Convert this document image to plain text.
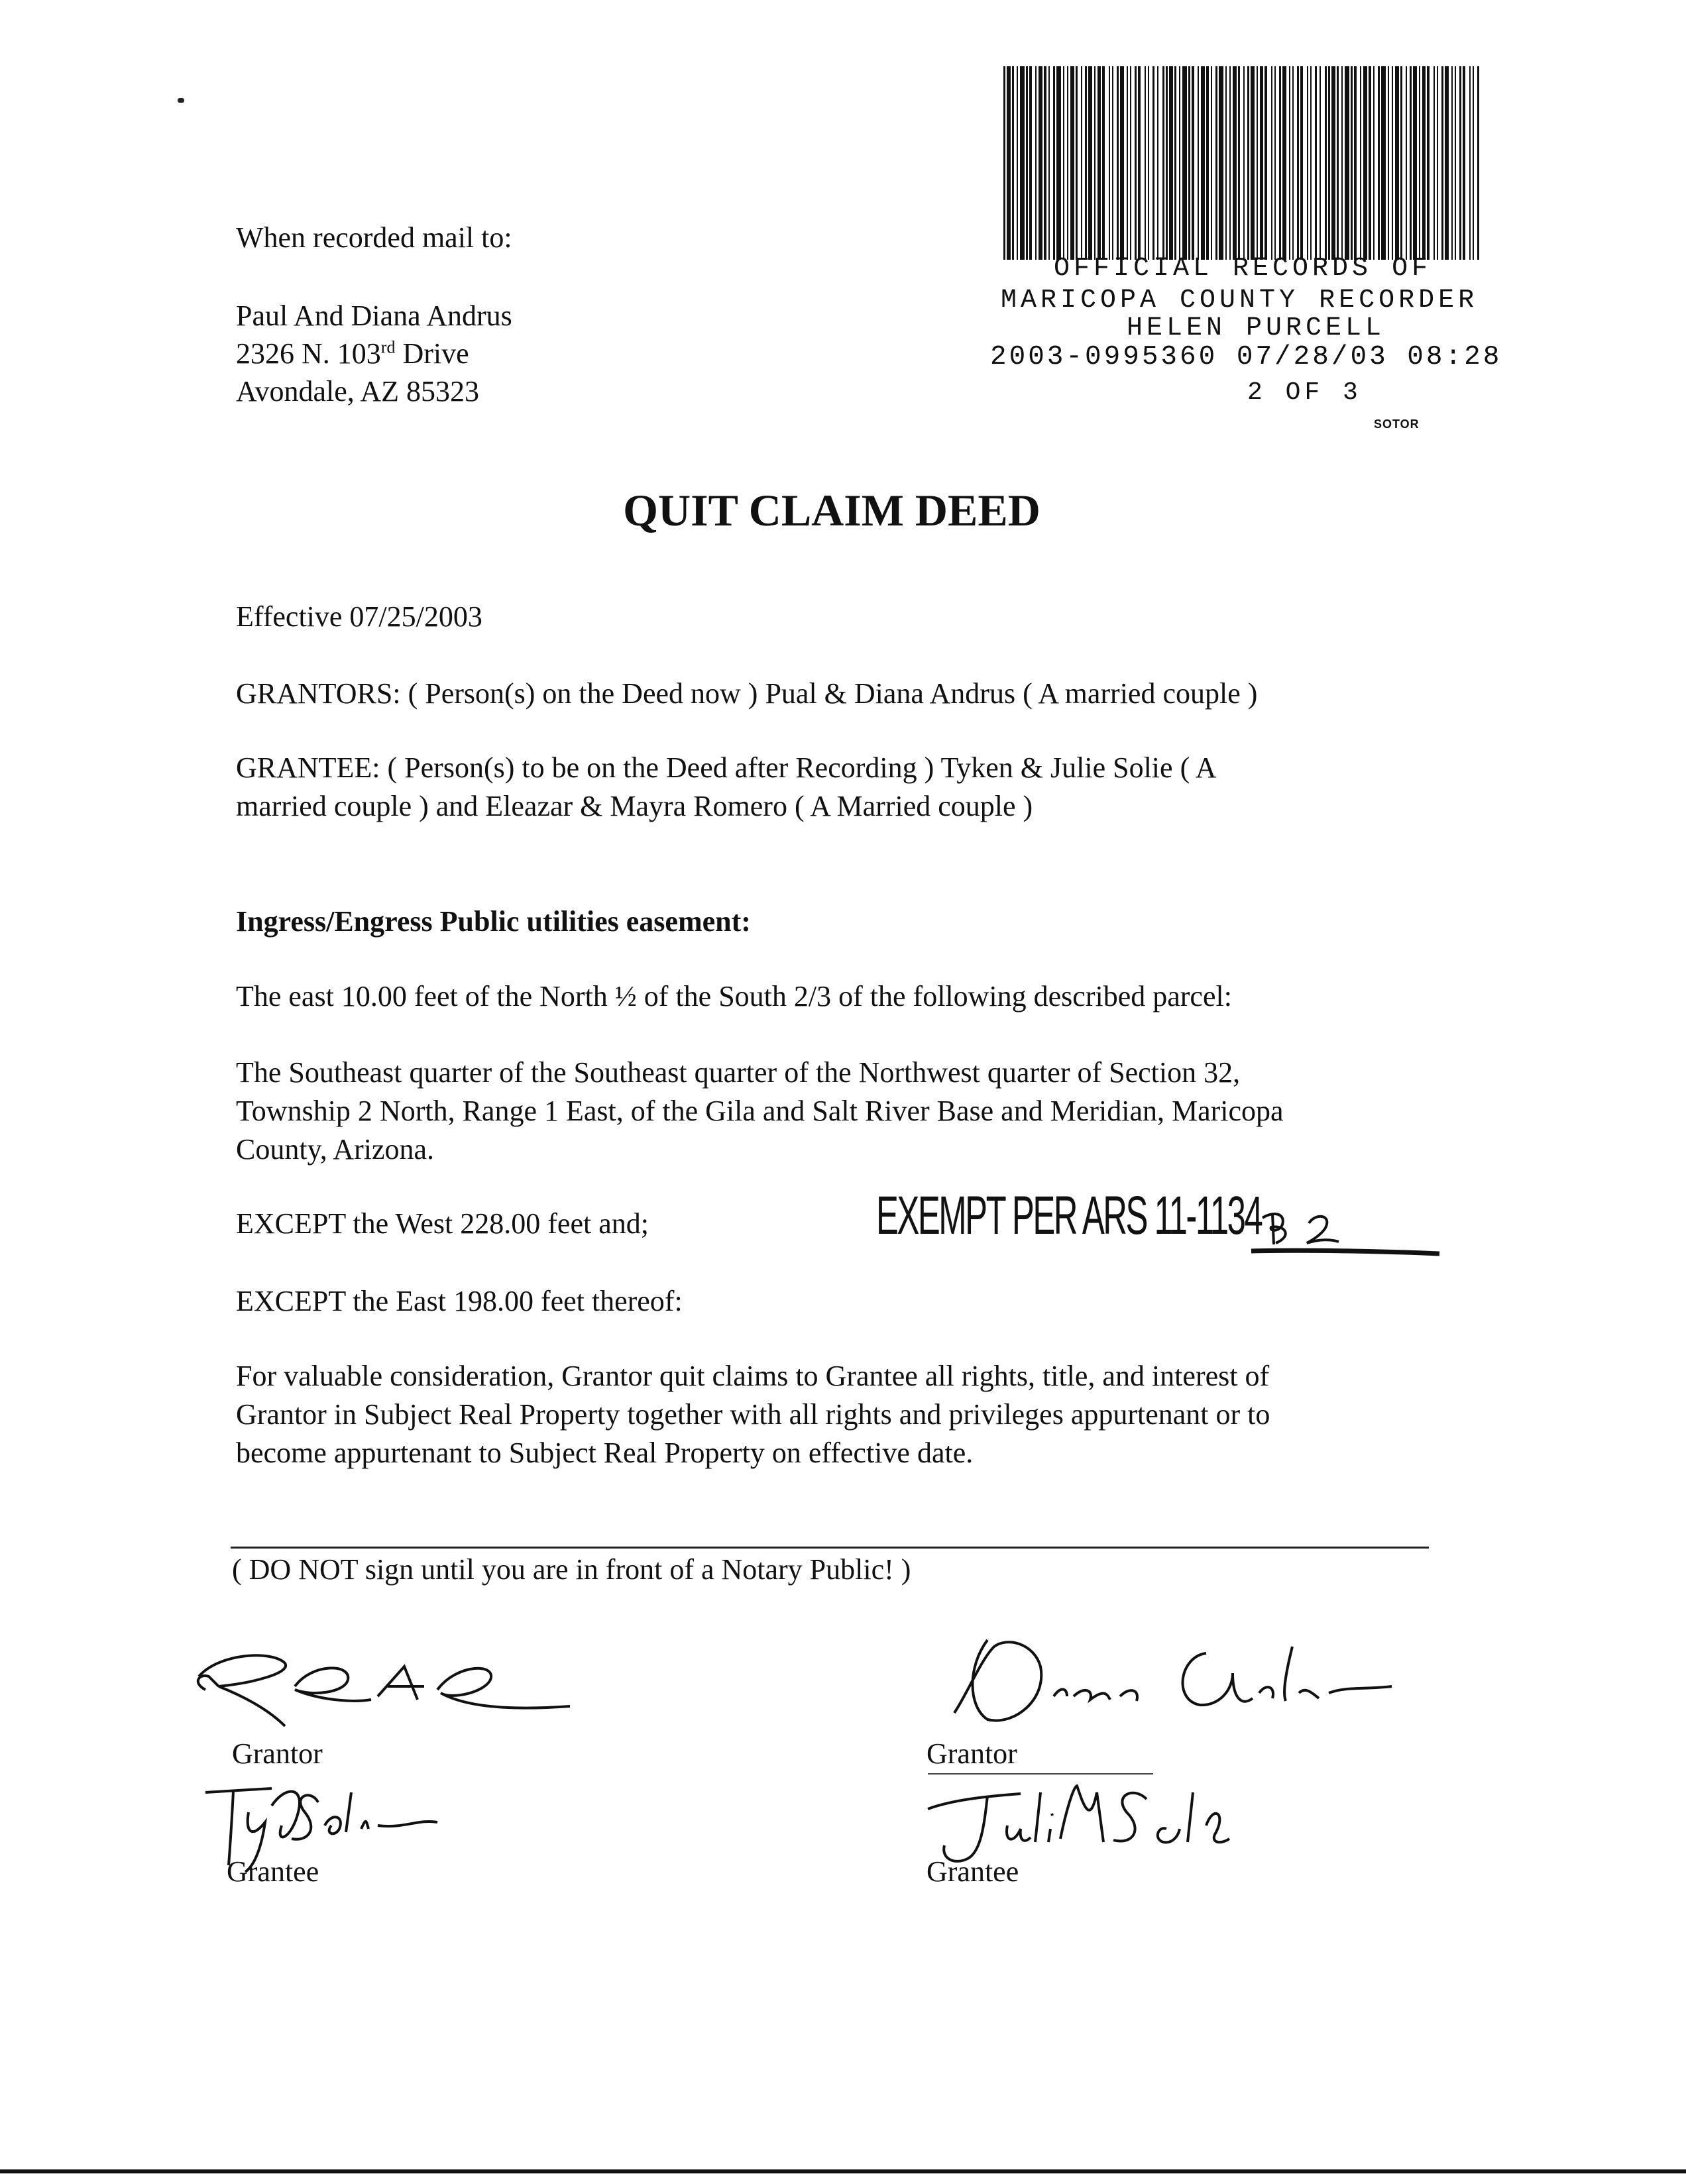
When recorded mail to:
Paul And Diana Andrus
2326 N. 103rd Drive
Avondale, AZ 85323
OFFICIAL RECORDS OF
MARICOPA COUNTY RECORDER
HELEN PURCELL
2003-0995360 07/28/03 08:28
2 OF 3
SOTOR
QUIT CLAIM DEED
Effective 07/25/2003
GRANTORS: ( Person(s) on the Deed now ) Pual & Diana Andrus ( A married couple )
GRANTEE: ( Person(s) to be on the Deed after Recording ) Tyken & Julie Solie ( A
married couple ) and Eleazar & Mayra Romero ( A Married couple )
Ingress/Engress Public utilities easement:
The east 10.00 feet of the North ½ of the South 2/3 of the following described parcel:
The Southeast quarter of the Southeast quarter of the Northwest quarter of Section 32,
Township 2 North, Range 1 East, of the Gila and Salt River Base and Meridian, Maricopa
County, Arizona.
EXCEPT the West 228.00 feet and;	EXEMPT PER ARS 11-1134
EXCEPT the East 198.00 feet thereof:
For valuable consideration, Grantor quit claims to Grantee all rights, title, and interest of
Grantor in Subject Real Property together with all rights and privileges appurtenant or to
become appurtenant to Subject Real Property on effective date.
( DO NOT sign until you are in front of a Notary Public! )
Grantor
Grantee
Grantor
Grantee
